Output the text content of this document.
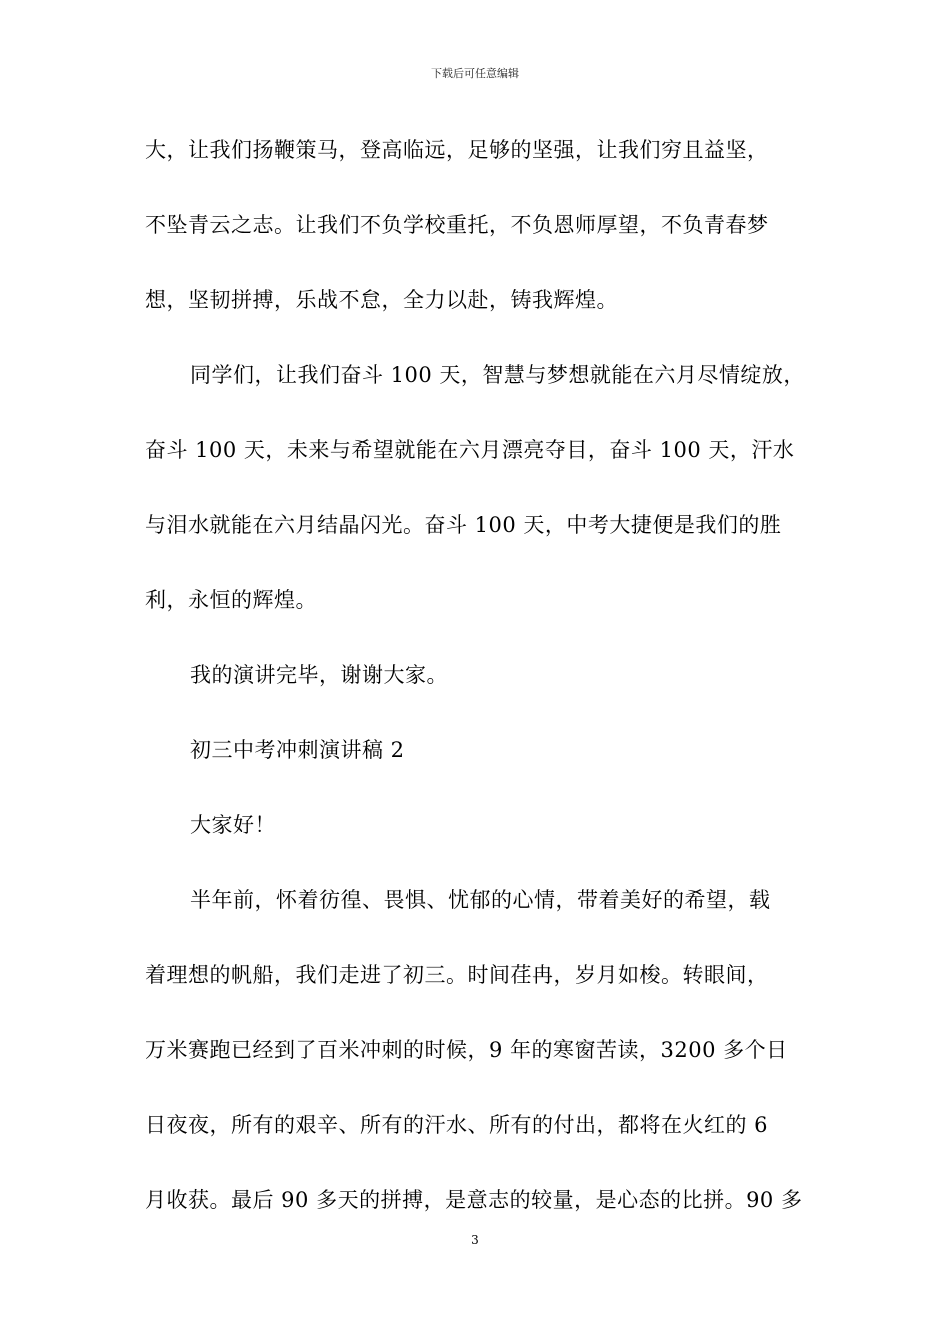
下载后可任意编辑
大，让我们扬鞭策马，登高临远，足够的坚强，让我们穷且益坚，
不坠青云之志。让我们不负学校重托，不负恩师厚望，不负青春梦
想，坚韧拼搏，乐战不怠，全力以赴，铸我辉煌。
同学们，让我们奋斗 100 天，智慧与梦想就能在六月尽情绽放，
奋斗 100 天，未来与希望就能在六月漂亮夺目，奋斗 100 天，汗水
与泪水就能在六月结晶闪光。奋斗 100 天，中考大捷便是我们的胜
利，永恒的辉煌。
我的演讲完毕，谢谢大家。
初三中考冲刺演讲稿 2
大家好！
半年前，怀着彷徨、畏惧、忧郁的心情，带着美好的希望，载
着理想的帆船，我们走进了初三。时间荏冉，岁月如梭。转眼间，
万米赛跑已经到了百米冲刺的时候，9 年的寒窗苦读，3200 多个日
日夜夜，所有的艰辛、所有的汗水、所有的付出，都将在火红的 6
月收获。最后 90 多天的拼搏，是意志的较量，是心态的比拼。90 多
3
